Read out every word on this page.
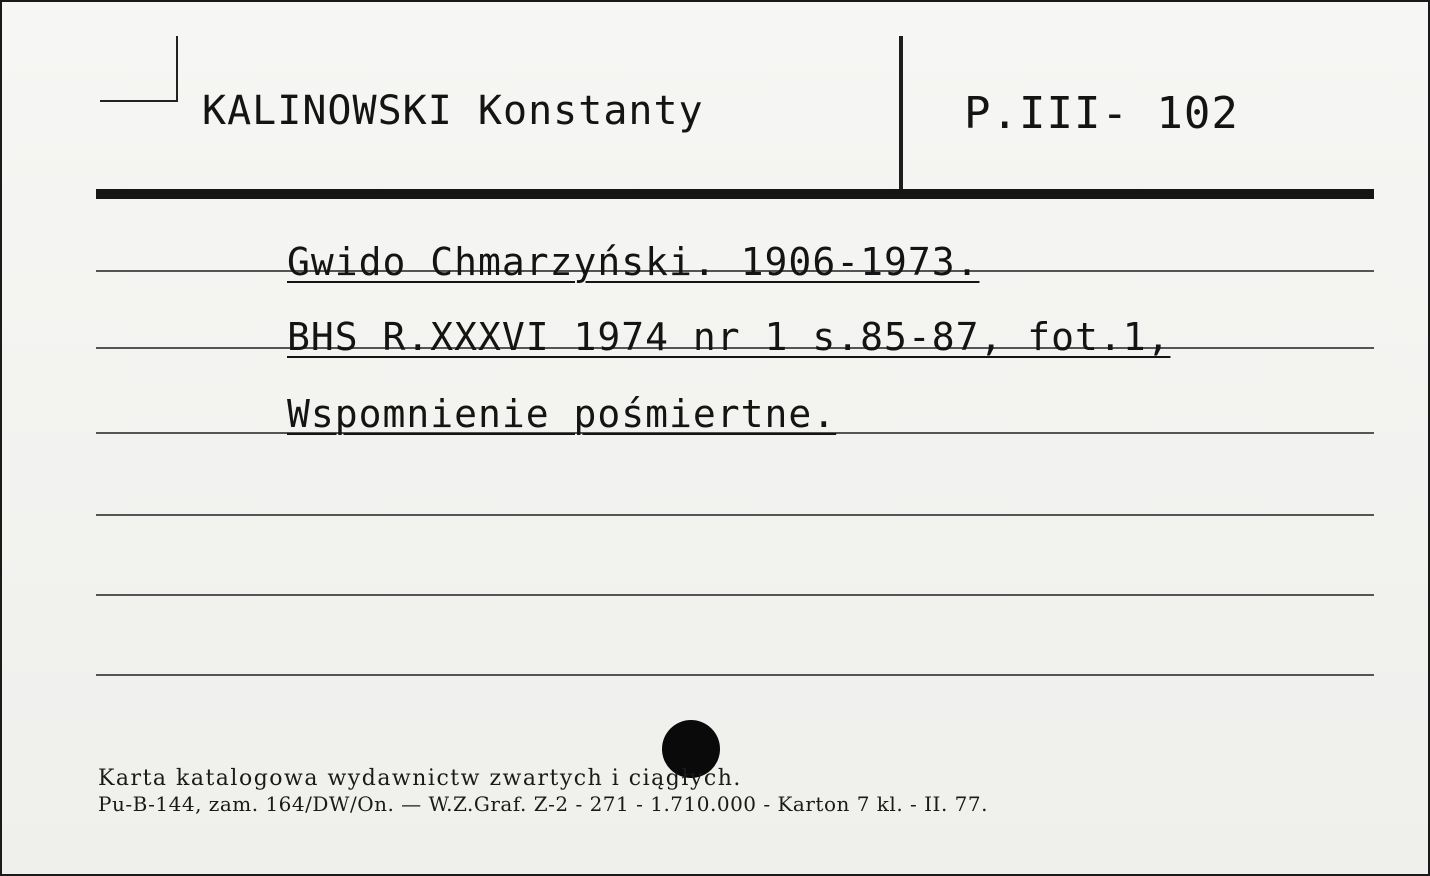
KALINOWSKI Konstanty	P.III- 102
Gwido Chmarzyński. 1906-1973.
BHS R.XXXVI 1974 nr 1 s.85-87, fot.1,
Wspomnienie pośmiertne.
Karta katalogowa wydawnictw zwartych i ciągłych.
Pu-B-144, zam. 164/DW/On. — W.Z.Graf. Z-2 - 271 - 1.710.000 - Karton 7 kl. - II. 77.
